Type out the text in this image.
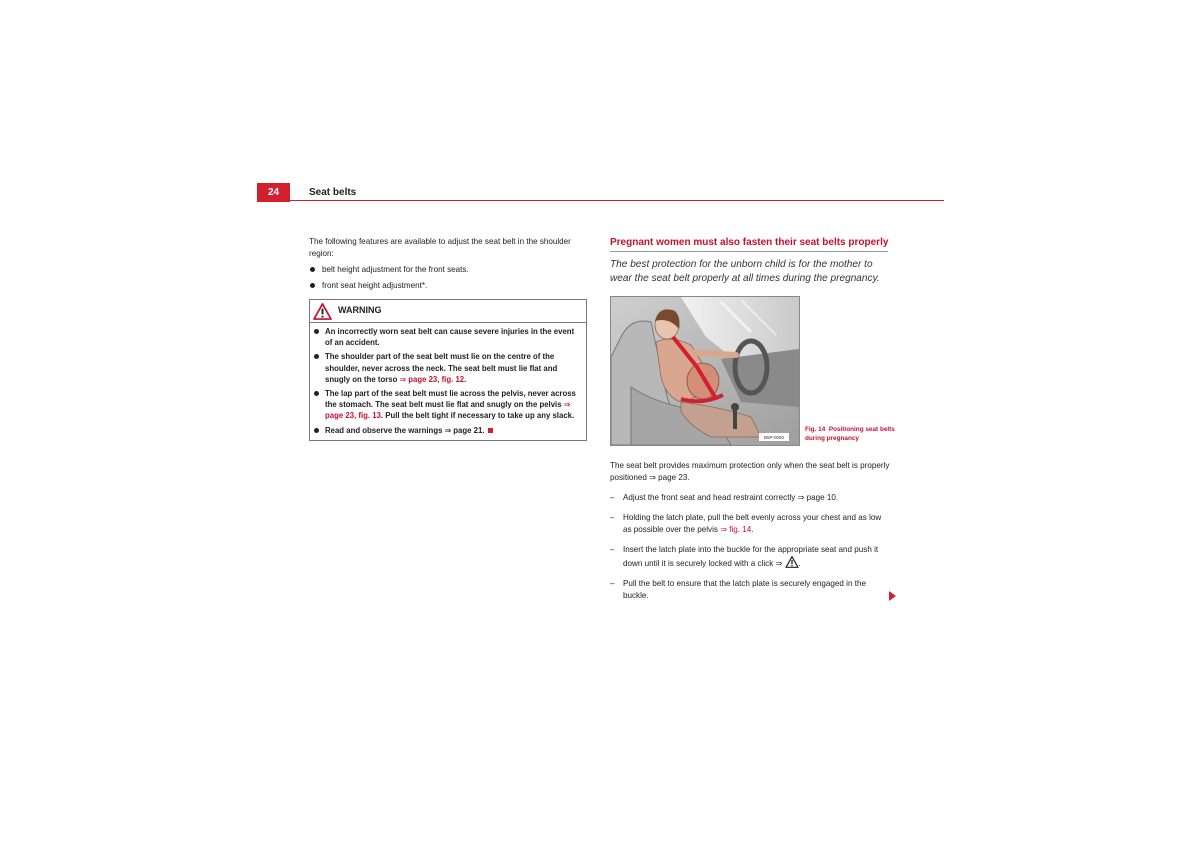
24	Seat belts

The following features are available to adjust the seat belt in the shoulder region:

belt height adjustment for the front seats.
front seat height adjustment*.
WARNING
An incorrectly worn seat belt can cause severe injuries in the event of an accident.
The shoulder part of the seat belt must lie on the centre of the shoulder, never across the neck. The seat belt must lie flat and snugly on the torso ⇒ page 23, fig. 12.
The lap part of the seat belt must lie across the pelvis, never across the stomach. The seat belt must lie flat and snugly on the pelvis ⇒ page 23, fig. 13. Pull the belt tight if necessary to take up any slack.
Read and observe the warnings ⇒ page 21.
Pregnant women must also fasten their seat belts properly
The best protection for the unborn child is for the mother to wear the seat belt properly at all times during the pregnancy.
B5P-0050
Fig. 14 Positioning seat belts during pregnancy

The seat belt provides maximum protection only when the seat belt is properly positioned ⇒ page 23.

– Adjust the front seat and head restraint correctly ⇒ page 10.
– Holding the latch plate, pull the belt evenly across your chest and as low as possible over the pelvis ⇒ fig. 14.
– Insert the latch plate into the buckle for the appropriate seat and push it down until it is securely locked with a click ⇒ .
– Pull the belt to ensure that the latch plate is securely engaged in the buckle.
